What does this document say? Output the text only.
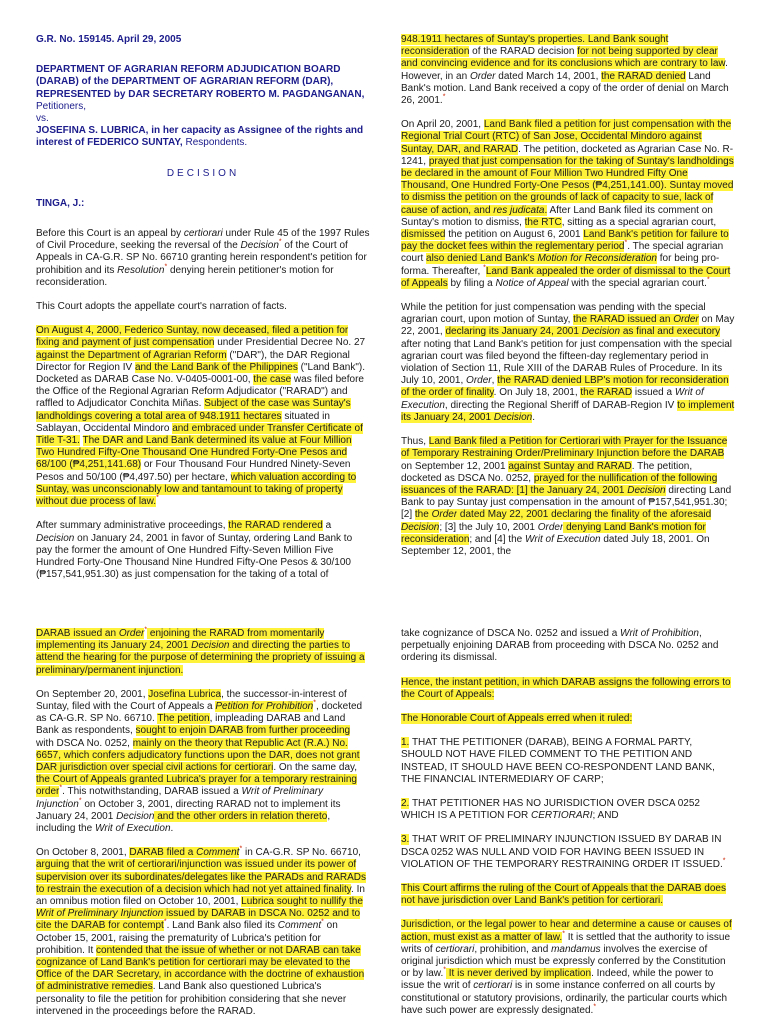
G.R. No. 159145. April 29, 2005

DEPARTMENT OF AGRARIAN REFORM ADJUDICATION BOARD (DARAB) of the DEPARTMENT OF AGRARIAN REFORM (DAR), REPRESENTED by DAR SECRETARY ROBERTO M. PAGDANGANAN, Petitioners,
vs.
JOSEFINA S. LUBRICA, in her capacity as Assignee of the rights and interest of FEDERICO SUNTAY, Respondents.

DECISION

TINGA, J.:

Before this Court is an appeal by certiorari under Rule 45 of the 1997 Rules of Civil Procedure, seeking the reversal of the Decision* of the Court of Appeals in CA-G.R. SP No. 66710 granting herein respondent's petition for prohibition and its Resolution* denying herein petitioner's motion for reconsideration.

This Court adopts the appellate court's narration of facts.

On August 4, 2000, Federico Suntay, now deceased, filed a petition for fixing and payment of just compensation under Presidential Decree No. 27 against the Department of Agrarian Reform ("DAR"), the DAR Regional Director for Region IV and the Land Bank of the Philippines ("Land Bank"). Docketed as DARAB Case No. V-0405-0001-00, the case was filed before the Office of the Regional Agrarian Reform Adjudicator ("RARAD") and raffled to Adjudicator Conchita Miñas. Subject of the case was Suntay's landholdings covering a total area of 948.1911 hectares situated in Sablayan, Occidental Mindoro and embraced under Transfer Certificate of Title T-31. The DAR and Land Bank determined its value at Four Million Two Hundred Fifty-One Thousand One Hundred Forty-One Pesos and 68/100 (₱4,251,141.68) or Four Thousand Four Hundred Ninety-Seven Pesos and 50/100 (₱4,497.50) per hectare, which valuation according to Suntay, was unconscionably low and tantamount to taking of property without due process of law.*

After summary administrative proceedings, the RARAD rendered a Decision on January 24, 2001 in favor of Suntay, ordering Land Bank to pay the former the amount of One Hundred Fifty-Seven Million Five Hundred Forty-One Thousand Nine Hundred Fifty-One Pesos & 30/100 (₱157,541,951.30) as just compensation for the taking of a total of

948.1911 hectares of Suntay's properties. Land Bank sought reconsideration of the RARAD decision for not being supported by clear and convincing evidence and for its conclusions which are contrary to law. However, in an Order dated March 14, 2001, the RARAD denied Land Bank's motion. Land Bank received a copy of the order of denial on March 26, 2001.*

On April 20, 2001, Land Bank filed a petition for just compensation with the Regional Trial Court (RTC) of San Jose, Occidental Mindoro against Suntay, DAR, and RARAD. The petition, docketed as Agrarian Case No. R-1241, prayed that just compensation for the taking of Suntay's landholdings be declared in the amount of Four Million Two Hundred Fifty One Thousand, One Hundred Forty-One Pesos (₱4,251,141.00). Suntay moved to dismiss the petition on the grounds of lack of capacity to sue, lack of cause of action, and res judicata. After Land Bank filed its comment on Suntay's motion to dismiss, the RTC, sitting as a special agrarian court, dismissed the petition on August 6, 2001 Land Bank's petition for failure to pay the docket fees within the reglementary period*. The special agrarian court also denied Land Bank's Motion for Reconsideration for being pro-forma. Thereafter, *Land Bank appealed the order of dismissal to the Court of Appeals by filing a Notice of Appeal with the special agrarian court.*

While the petition for just compensation was pending with the special agrarian court, upon motion of Suntay, the RARAD issued an Order on May 22, 2001, declaring its January 24, 2001 Decision as final and executory after noting that Land Bank's petition for just compensation with the special agrarian court was filed beyond the fifteen-day reglementary period in violation of Section 11, Rule XIII of the DARAB Rules of Procedure. In its July 10, 2001, Order, the RARAD denied LBP's motion for reconsideration of the order of finality. On July 18, 2001, the RARAD issued a Writ of Execution, directing the Regional Sheriff of DARAB-Region IV to implement its January 24, 2001 Decision.

Thus, Land Bank filed a Petition for Certiorari with Prayer for the Issuance of Temporary Restraining Order/Preliminary Injunction before the DARAB on September 12, 2001 against Suntay and RARAD. The petition, docketed as DSCA No. 0252, prayed for the nullification of the following issuances of the RARAD: [1] the January 24, 2001 Decision directing Land Bank to pay Suntay just compensation in the amount of ₱157,541,951.30; [2] the Order dated May 22, 2001 declaring the finality of the aforesaid Decision; [3] the July 10, 2001 Order denying Land Bank's motion for reconsideration; and [4] the Writ of Execution dated July 18, 2001. On September 12, 2001, the

DARAB issued an Order* enjoining the RARAD from momentarily implementing its January 24, 2001 Decision and directing the parties to attend the hearing for the purpose of determining the propriety of issuing a preliminary/permanent injunction.

On September 20, 2001, Josefina Lubrica, the successor-in-interest of Suntay, filed with the Court of Appeals a Petition for Prohibition*, docketed as CA-G.R. SP No. 66710. The petition, impleading DARAB and Land Bank as respondents, sought to enjoin DARAB from further proceeding with DSCA No. 0252, mainly on the theory that Republic Act (R.A.) No. 6657, which confers adjudicatory functions upon the DAR, does not grant DAR jurisdiction over special civil actions for certiorari. On the same day, the Court of Appeals granted Lubrica's prayer for a temporary restraining order*. This notwithstanding, DARAB issued a Writ of Preliminary Injunction* on October 3, 2001, directing RARAD not to implement its January 24, 2001 Decision and the other orders in relation thereto, including the Writ of Execution.

On October 8, 2001, DARAB filed a Comment* in CA-G.R. SP No. 66710, arguing that the writ of certiorari/injunction was issued under its power of supervision over its subordinates/delegates like the PARADs and RARADs to restrain the execution of a decision which had not yet attained finality. In an omnibus motion filed on October 10, 2001, Lubrica sought to nullify the Writ of Preliminary Injunction issued by DARAB in DSCA No. 0252 and to cite the DARAB for contempt*. Land Bank also filed its Comment* on October 15, 2001, raising the prematurity of Lubrica's petition for prohibition. It contended that the issue of whether or not DARAB can take cognizance of Land Bank's petition for certiorari may be elevated to the Office of the DAR Secretary, in accordance with the doctrine of exhaustion of administrative remedies. Land Bank also questioned Lubrica's personality to file the petition for prohibition considering that she never intervened in the proceedings before the RARAD.

take cognizance of DSCA No. 0252 and issued a Writ of Prohibition, perpetually enjoining DARAB from proceeding with DSCA No. 0252 and ordering its dismissal.

Hence, the instant petition, in which DARAB assigns the following errors to the Court of Appeals:

The Honorable Court of Appeals erred when it ruled:

1. THAT THE PETITIONER (DARAB), BEING A FORMAL PARTY, SHOULD NOT HAVE FILED COMMENT TO THE PETITION AND INSTEAD, IT SHOULD HAVE BEEN CO-RESPONDENT LAND BANK, THE FINANCIAL INTERMEDIARY OF CARP;

2. THAT PETITIONER HAS NO JURISDICTION OVER DSCA 0252 WHICH IS A PETITION FOR CERTIORARI; AND

3. THAT WRIT OF PRELIMINARY INJUNCTION ISSUED BY DARAB IN DSCA 0252 WAS NULL AND VOID FOR HAVING BEEN ISSUED IN VIOLATION OF THE TEMPORARY RESTRAINING ORDER IT ISSUED.*

This Court affirms the ruling of the Court of Appeals that the DARAB does not have jurisdiction over Land Bank's petition for certiorari.

Jurisdiction, or the legal power to hear and determine a cause or causes of action, must exist as a matter of law.* It is settled that the authority to issue writs of certiorari, prohibition, and mandamus involves the exercise of original jurisdiction which must be expressly conferred by the Constitution or by law.* It is never derived by implication. Indeed, while the power to issue the writ of certiorari is in some instance conferred on all courts by constitutional or statutory provisions, ordinarily, the particular courts which have such power are expressly designated.*
